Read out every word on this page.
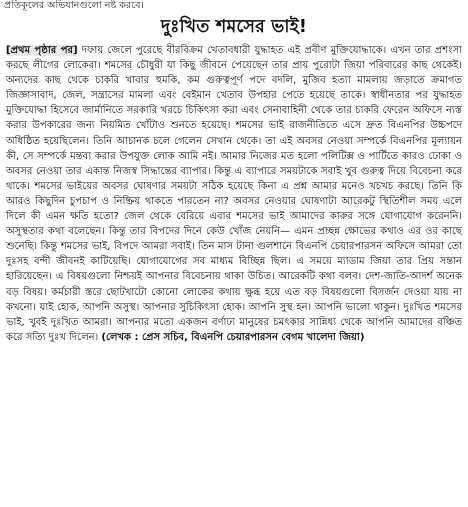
প্রতিকূলের অভিযানগুলো নষ্ট করবে।
দুঃখিত শমসের ভাই!

[প্রথম পৃষ্ঠার পর] দফায় জেলে পুরেছে বীরবিক্রম খেতাবধারী যুদ্ধাহত এই প্রবীণ মুক্তিযোদ্ধাকে। এখন তার প্রশংসা করছে লীগের লোকেরা। শমসের চৌধুরী যা কিছু জীবনে পেয়েছেন তার প্রায় পুরোটা জিয়া পরিবারের কাছ থেকেই। অন্যদের কাছ থেকে চাকরি খাবার হুমকি, কম গুরুত্বপূর্ণ পদে বদলি, মুজিব হত্যা মামলায় জড়াতে ক্রমাগত জিজ্ঞাসাবাদ, জেল, সন্ত্রাসের মামলা এবং বেইমান খেতাব উপহার পেতে হয়েছে তাকে। স্বাধীনতার পর যুদ্ধাহত মুক্তিযোদ্ধা হিসেবে জার্মানিতে সরকারি খরচে চিকিৎসা করা এবং সেনাবাহিনী থেকে তার চাকরি ফেরেন অফিসে ন্যস্ত করার উপকারের জন্য নিয়মিত খোঁটাও শুনতে হয়েছে। শমসের ভাই রাজনীতিতে এসে দ্রুত বিএনপির উচ্চপদে অধিষ্ঠিত হয়েছিলেন। তিনি আচানক চলে গেলেন সেখান থেকে। তা এই অবসর নেওয়া সম্পর্কে বিএনপির মূল্যায়ন কী, সে সম্পর্কে মন্তব্য করার উপযুক্ত লোক আমি নই। আমার নিজের মত হলো পলিটিক্স ও পার্টিতে কারও ঢোকা ও অবসর নেওয়া তার একান্ত নিজস্ব সিদ্ধান্তের ব্যাপার। কিন্তু এ ব্যাপারে সময়টাকে সবাই খুব গুরুত্ব দিয়ে বিবেচনা করে থাকে। শমসের ভাইয়ের অবসর ঘোষণার সময়টা সঠিক হয়েছে কিনা এ প্রশ্ন আমার মনেও খচখচ করছে। তিনি কি আরও কিছুদিন চুপচাপ ও নিষ্ক্রিয় থাকতে পারতেন না? অবসর নেওয়ার ঘোষণাটা আরেকটু স্থিতিশীল সময় এলে দিলে কী এমন ক্ষতি হতো? জেল থেকে বেরিয়ে এবার শমসের ভাই আমাদের কারুর সঙ্গে যোগাযোগ করেননি। অসুস্থতার কথা বলেছেন। কিন্তু তার বিপদের দিনে কেউ খোঁজ নেয়নি— এমন প্রচ্ছন্ন ক্ষোভের কথাও এর ওর কাছে শুনেছি। কিন্তু শমসের ভাই, বিপদে আমরা সবাই। তিন মাস টানা গুলশানে বিএনপি চেয়ারপারসন অফিসে আমরা তো দুঃসহ বন্দী জীবনই কাটিয়েছি। যোগাযোগের সব মাধ্যম বিচ্ছিন্ন ছিল। এ সময়ে ম্যাডাম জিয়া তার প্রিয় সন্তান হারিয়েছেন। এ বিষয়গুলো নিশ্চয়ই আপনার বিবেচনায় থাকা উচিত। আরেকটি কথা বলব। দেশ-জাতি-আদর্শ অনেক বড় বিষয়। কর্মচারী স্তরে ছোটখাটো কোনো লোকের কথায় ক্ষুব্ধ হয়ে এত বড় বিষয়গুলো বিসর্জন দেওয়া যায় না কখনো। যাই হোক, আপনি অসুস্থ। আপনার সুচিকিৎসা হোক। আপনি সুস্থ হন। আপনি ভালো থাকুন। দুঃখিত শমসের ভাই, খুবই দুঃখিত আমরা। আপনার মতো একজন বর্ণাঢ্য মানুষের চমৎকার সান্নিধ্য থেকে আপনি আমাদের বঞ্চিত করে সত্যি দুঃখ দিলেন। (লেখক : প্রেস সচিব, বিএনপি চেয়ারপারসন বেগম খালেদা জিয়া)
